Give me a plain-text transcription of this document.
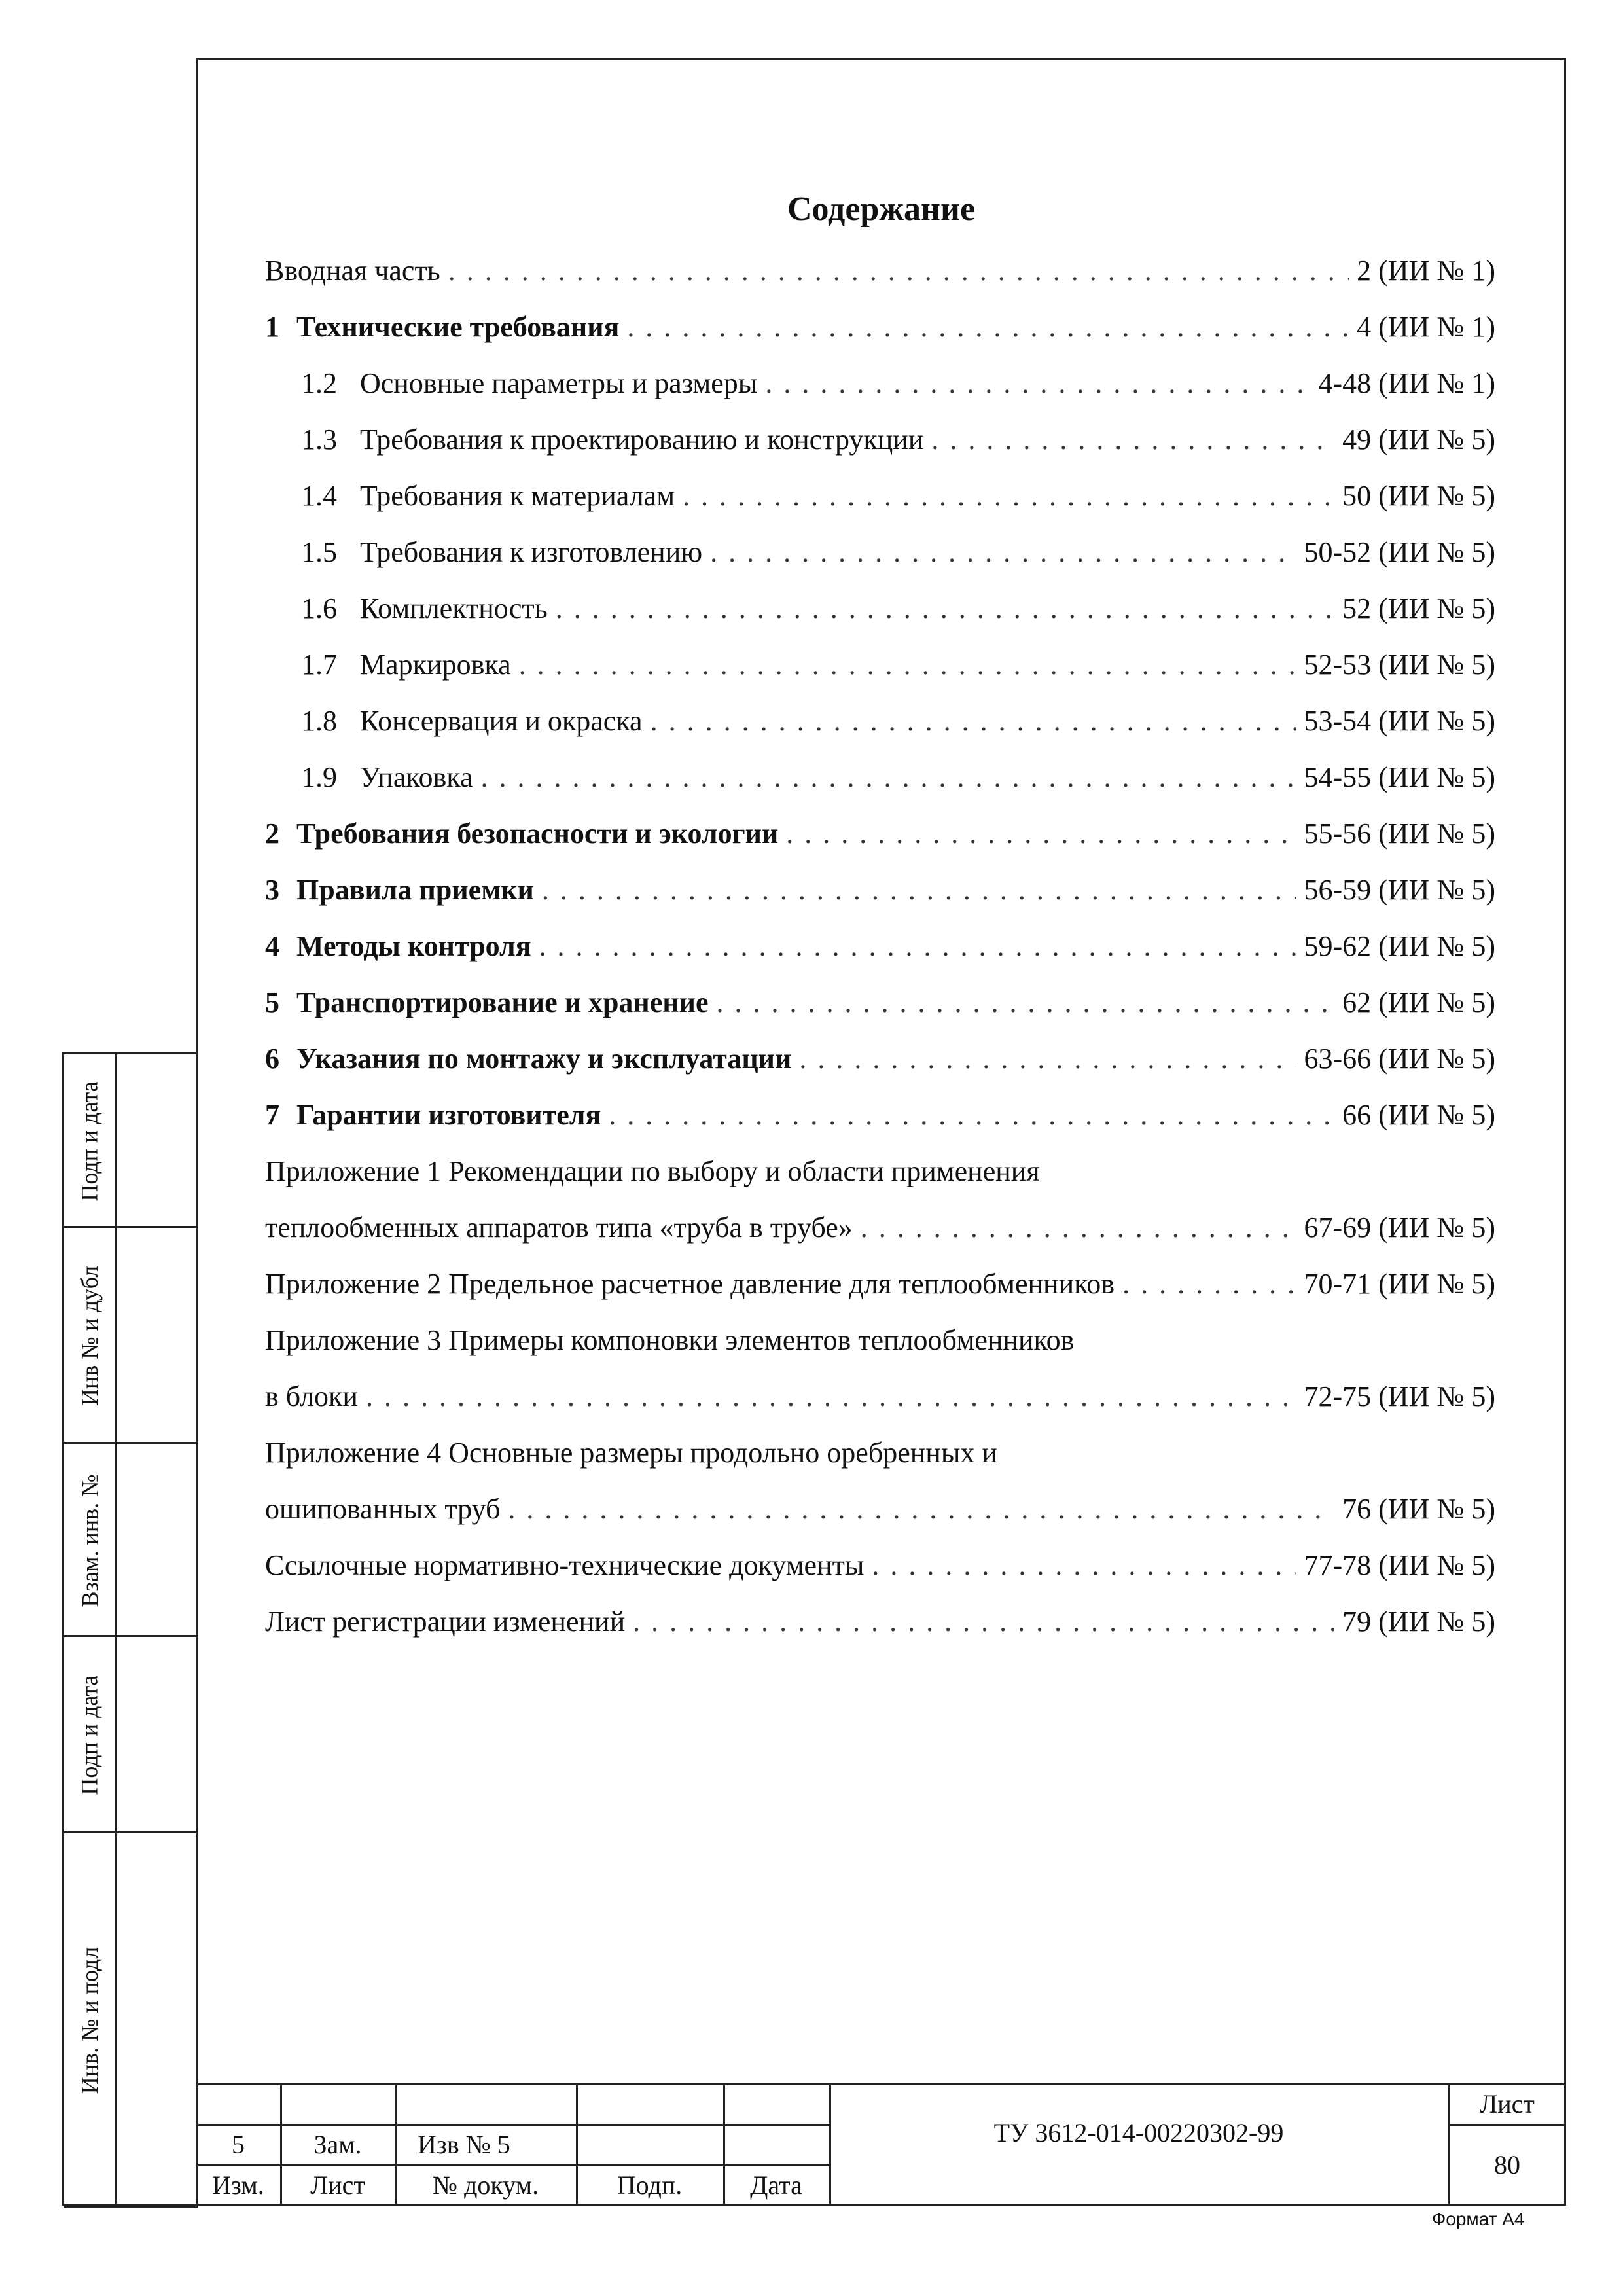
Подп и дата
Инв № и дубл
Взам. инв. №
Подп и дата
Инв. № и подл
Содержание
Вводная часть . . .	2 (ИИ № 1)
1 Технические требования . . .	4 (ИИ № 1)
1.2 Основные параметры и размеры . . .	4-48 (ИИ № 1)
1.3 Требования к проектированию и конструкции . . .	49 (ИИ № 5)
1.4 Требования к материалам . . .	50 (ИИ № 5)
1.5 Требования к изготовлению . . .	50-52 (ИИ № 5)
1.6 Комплектность . . .	52 (ИИ № 5)
1.7 Маркировка . . .	52-53 (ИИ № 5)
1.8 Консервация и окраска . . .	53-54 (ИИ № 5)
1.9 Упаковка . . .	54-55 (ИИ № 5)
2 Требования безопасности и экологии . . .	55-56 (ИИ № 5)
3 Правила приемки . . .	56-59 (ИИ № 5)
4 Методы контроля . . .	59-62 (ИИ № 5)
5 Транспортирование и хранение . . .	62 (ИИ № 5)
6 Указания по монтажу и эксплуатации . . .	63-66 (ИИ № 5)
7 Гарантии изготовителя . . .	66 (ИИ № 5)
Приложение 1 Рекомендации по выбору и области применения
теплообменных аппаратов типа «труба в трубе» . . .	67-69 (ИИ № 5)
Приложение 2 Предельное расчетное давление для теплообменников . . .	70-71 (ИИ № 5)
Приложение 3 Примеры компоновки элементов теплообменников
в блоки . . .	72-75 (ИИ № 5)
Приложение 4 Основные размеры продольно оребренных и
ошипованных труб . . .	76 (ИИ № 5)
Ссылочные нормативно-технические документы . . .	77-78 (ИИ № 5)
Лист регистрации изменений . . .	79 (ИИ № 5)
5	Зам.	Изв № 5
Изм.	Лист	№ докум.	Подп.	Дата
ТУ 3612-014-00220302-99
Лист
80
Формат А4
